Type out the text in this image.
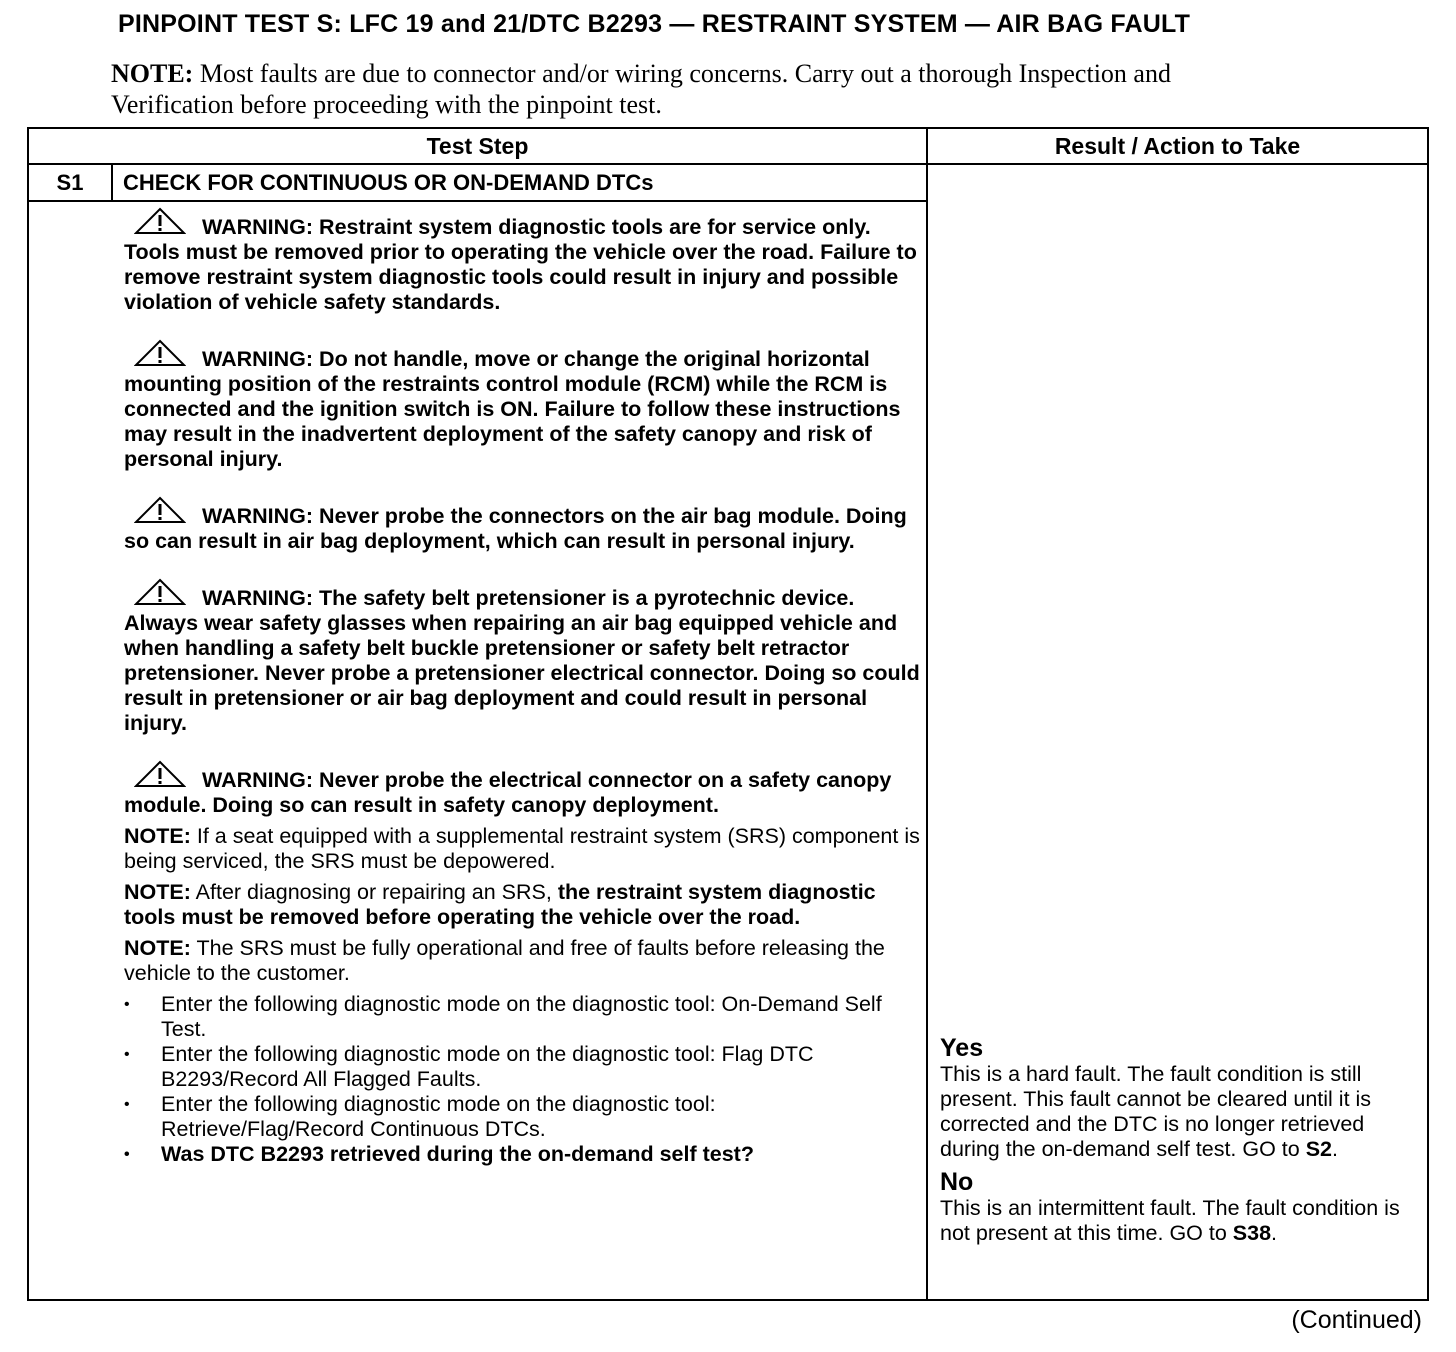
PINPOINT TEST S: LFC 19 and 21/DTC B2293 — RESTRAINT SYSTEM — AIR BAG FAULT
NOTE: Most faults are due to connector and/or wiring concerns. Carry out a thorough Inspection and Verification before proceeding with the pinpoint test.
Test Step	Result / Action to Take
S1	CHECK FOR CONTINUOUS OR ON-DEMAND DTCs
WARNING: Restraint system diagnostic tools are for service only. Tools must be removed prior to operating the vehicle over the road. Failure to remove restraint system diagnostic tools could result in injury and possible violation of vehicle safety standards.
WARNING: Do not handle, move or change the original horizontal mounting position of the restraints control module (RCM) while the RCM is connected and the ignition switch is ON. Failure to follow these instructions may result in the inadvertent deployment of the safety canopy and risk of personal injury.
WARNING: Never probe the connectors on the air bag module. Doing so can result in air bag deployment, which can result in personal injury.
WARNING: The safety belt pretensioner is a pyrotechnic device. Always wear safety glasses when repairing an air bag equipped vehicle and when handling a safety belt buckle pretensioner or safety belt retractor pretensioner. Never probe a pretensioner electrical connector. Doing so could result in pretensioner or air bag deployment and could result in personal injury.
WARNING: Never probe the electrical connector on a safety canopy module. Doing so can result in safety canopy deployment.
NOTE: If a seat equipped with a supplemental restraint system (SRS) component is being serviced, the SRS must be depowered.
NOTE: After diagnosing or repairing an SRS, the restraint system diagnostic tools must be removed before operating the vehicle over the road.
NOTE: The SRS must be fully operational and free of faults before releasing the vehicle to the customer.
• Enter the following diagnostic mode on the diagnostic tool: On-Demand Self Test.
• Enter the following diagnostic mode on the diagnostic tool: Flag DTC B2293/Record All Flagged Faults.
• Enter the following diagnostic mode on the diagnostic tool: Retrieve/Flag/Record Continuous DTCs.
• Was DTC B2293 retrieved during the on-demand self test?
Yes
This is a hard fault. The fault condition is still present. This fault cannot be cleared until it is corrected and the DTC is no longer retrieved during the on-demand self test. GO to S2.
No
This is an intermittent fault. The fault condition is not present at this time. GO to S38.
(Continued)
